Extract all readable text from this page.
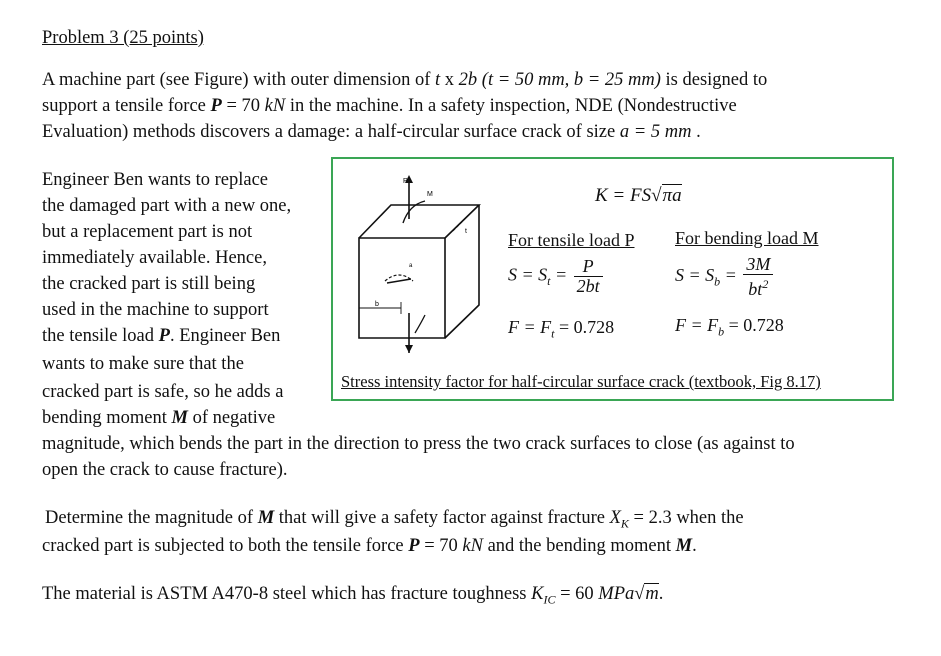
Problem 3 (25 points)
A machine part (see Figure) with outer dimension of t x 2b (t = 50 mm, b = 25 mm) is designed to
support a tensile force P = 70 kN in the machine. In a safety inspection, NDE (Nondestructive
Evaluation) methods discovers a damage: a half-circular surface crack of size a = 5 mm .
Engineer Ben wants to replace
the damaged part with a new one,
but a replacement part is not
immediately available. Hence,
the cracked part is still being
used in the machine to support
the tensile load P. Engineer Ben
wants to make sure that the
cracked part is safe, so he adds a
bending moment M of negative
magnitude, which bends the part in the direction to press the two crack surfaces to close (as against to
open the crack to cause fracture).
P
M
t
a
b
K = FS√πa
For tensile load P For bending load M
$S = S_t = \frac{P}{2bt}$	$S = S_b = \frac{3M}{bt^2}$
$F = F_t = 0.728$	$F = F_b = 0.728$
Stress intensity factor for half-circular surface crack (textbook, Fig 8.17)
Determine the magnitude of M that will give a safety factor against fracture $X_K = 2.3$ when the
cracked part is subjected to both the tensile force P = 70 kN and the bending moment M.
The material is ASTM A470-8 steel which has fracture toughness $K_{IC} = 60$ MPa√m.
